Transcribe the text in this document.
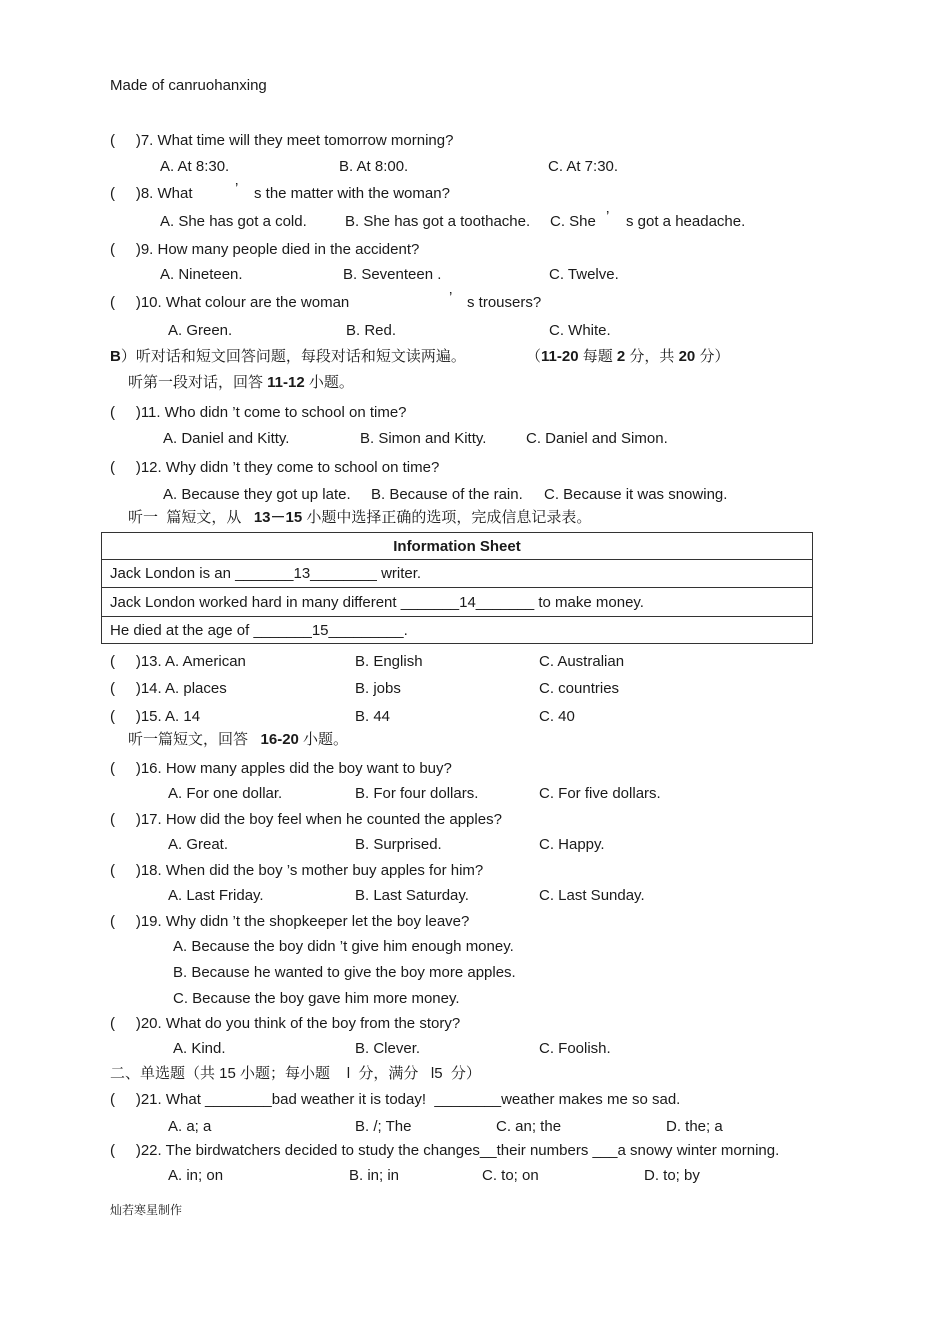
Made of canruohanxing
(     )7. What time will they meet tomorrow morning?
A. At 8:30.	B. At 8:00.	C. At 7:30.
(     )8. What	’ s the matter with the woman?
A. She has got a cold.	B. She has got a toothache. C. She ’ s got a headache.
(     )9. How many people died in the accident?
A. Nineteen.	B. Seventeen .	C. Twelve.
(     )10. What colour are the woman	’ s trousers?
A. Green.	B. Red.	C. White.
B）听对话和短文回答问题，每段对话和短文读两遍。	（11-20 每题 2 分，共 20 分）
听第一段对话，回答 11-12 小题。
(     )11. Who didn ’t come to school on time?
A. Daniel and Kitty.	B. Simon and Kitty.	C. Daniel and Simon.
(     )12. Why didn ’t they come to school on time?
A. Because they got up late. B. Because of the rain. C. Because it was snowing.
听一  篇短文，从   13－15 小题中选择正确的选项，完成信息记录表。
Information Sheet
Jack London is an _______13________ writer.
Jack London worked hard in many different _______14_______ to make money.
He died at the age of _______15_________.
(     )13. A. American	B. English	C. Australian
(     )14. A. places	B. jobs	C. countries
(     )15. A. 14	B. 44	C. 40
听一篇短文，回答   16-20 小题。
(     )16. How many apples did the boy want to buy?
A. For one dollar.	B. For four dollars.	C. For five dollars.
(     )17. How did the boy feel when he counted the apples?
A. Great.	B. Surprised.	C. Happy.
(     )18. When did the boy ’s mother buy apples for him?
A. Last Friday.	B. Last Saturday.	C. Last Sunday.
(     )19. Why didn ’t the shopkeeper let the boy leave?
A. Because the boy didn ’t give him enough money.
B. Because he wanted to give the boy more apples.
C. Because the boy gave him more money.
(     )20. What do you think of the boy from the story?
A. Kind.	B. Clever.	C. Foolish.
二、单选题（共 15 小题；每小题    l  分，满分   l5  分）
(     )21. What ________bad weather it is today!  ________weather makes me so sad.
A. a; a	B. /; The	C. an; the	D. the; a
(     )22. The birdwatchers decided to study the changes__their numbers ___a snowy winter morning.
A. in; on	B. in; in	C. to; on	D. to; by
灿若寒星制作
